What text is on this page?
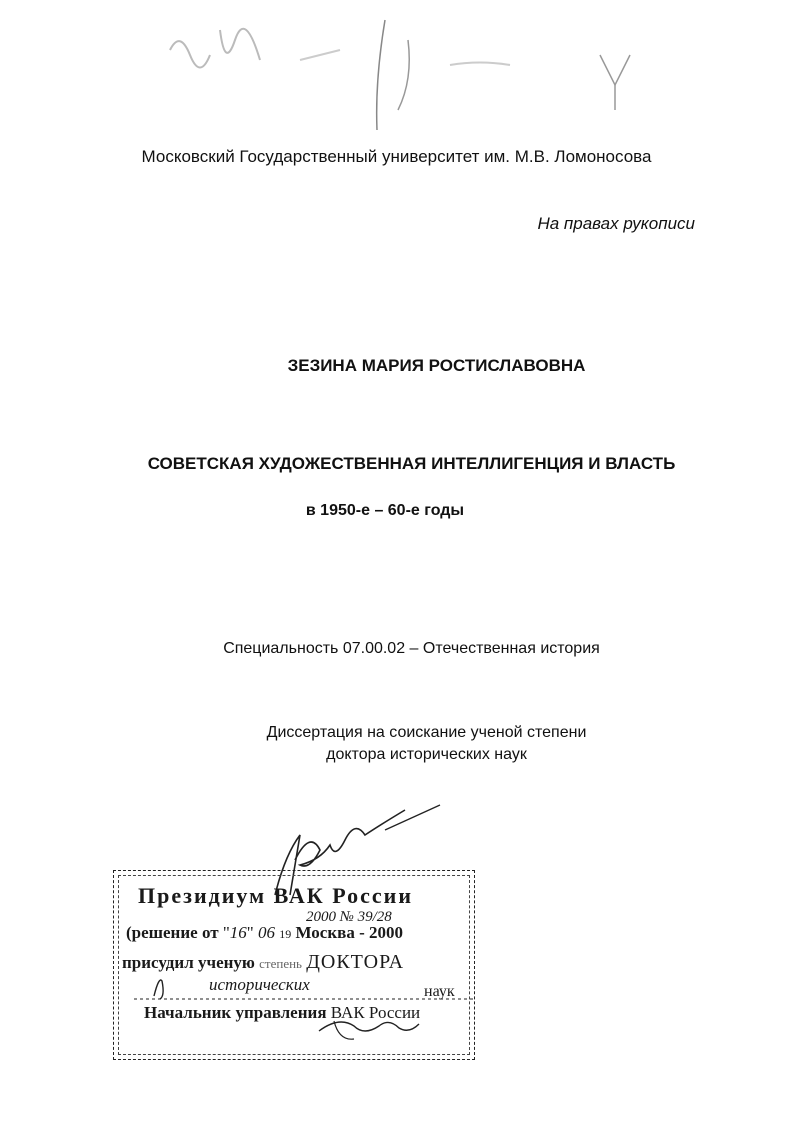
Московский Государственный университет им. М.В. Ломоносова
На правах рукописи
ЗЕЗИНА МАРИЯ РОСТИСЛАВОВНА
СОВЕТСКАЯ ХУДОЖЕСТВЕННАЯ ИНТЕЛЛИГЕНЦИЯ И ВЛАСТЬ
в 1950-е – 60-е годы
Специальность 07.00.02 – Отечественная история
Диссертация на соискание ученой степени
доктора исторических наук
Президиум ВАК России
(решение от "16" 06 19 Москва - 2000
2000 № 39/28
присудил ученую степень ДОКТОРА
исторических	наук
Начальник управления ВАК России
